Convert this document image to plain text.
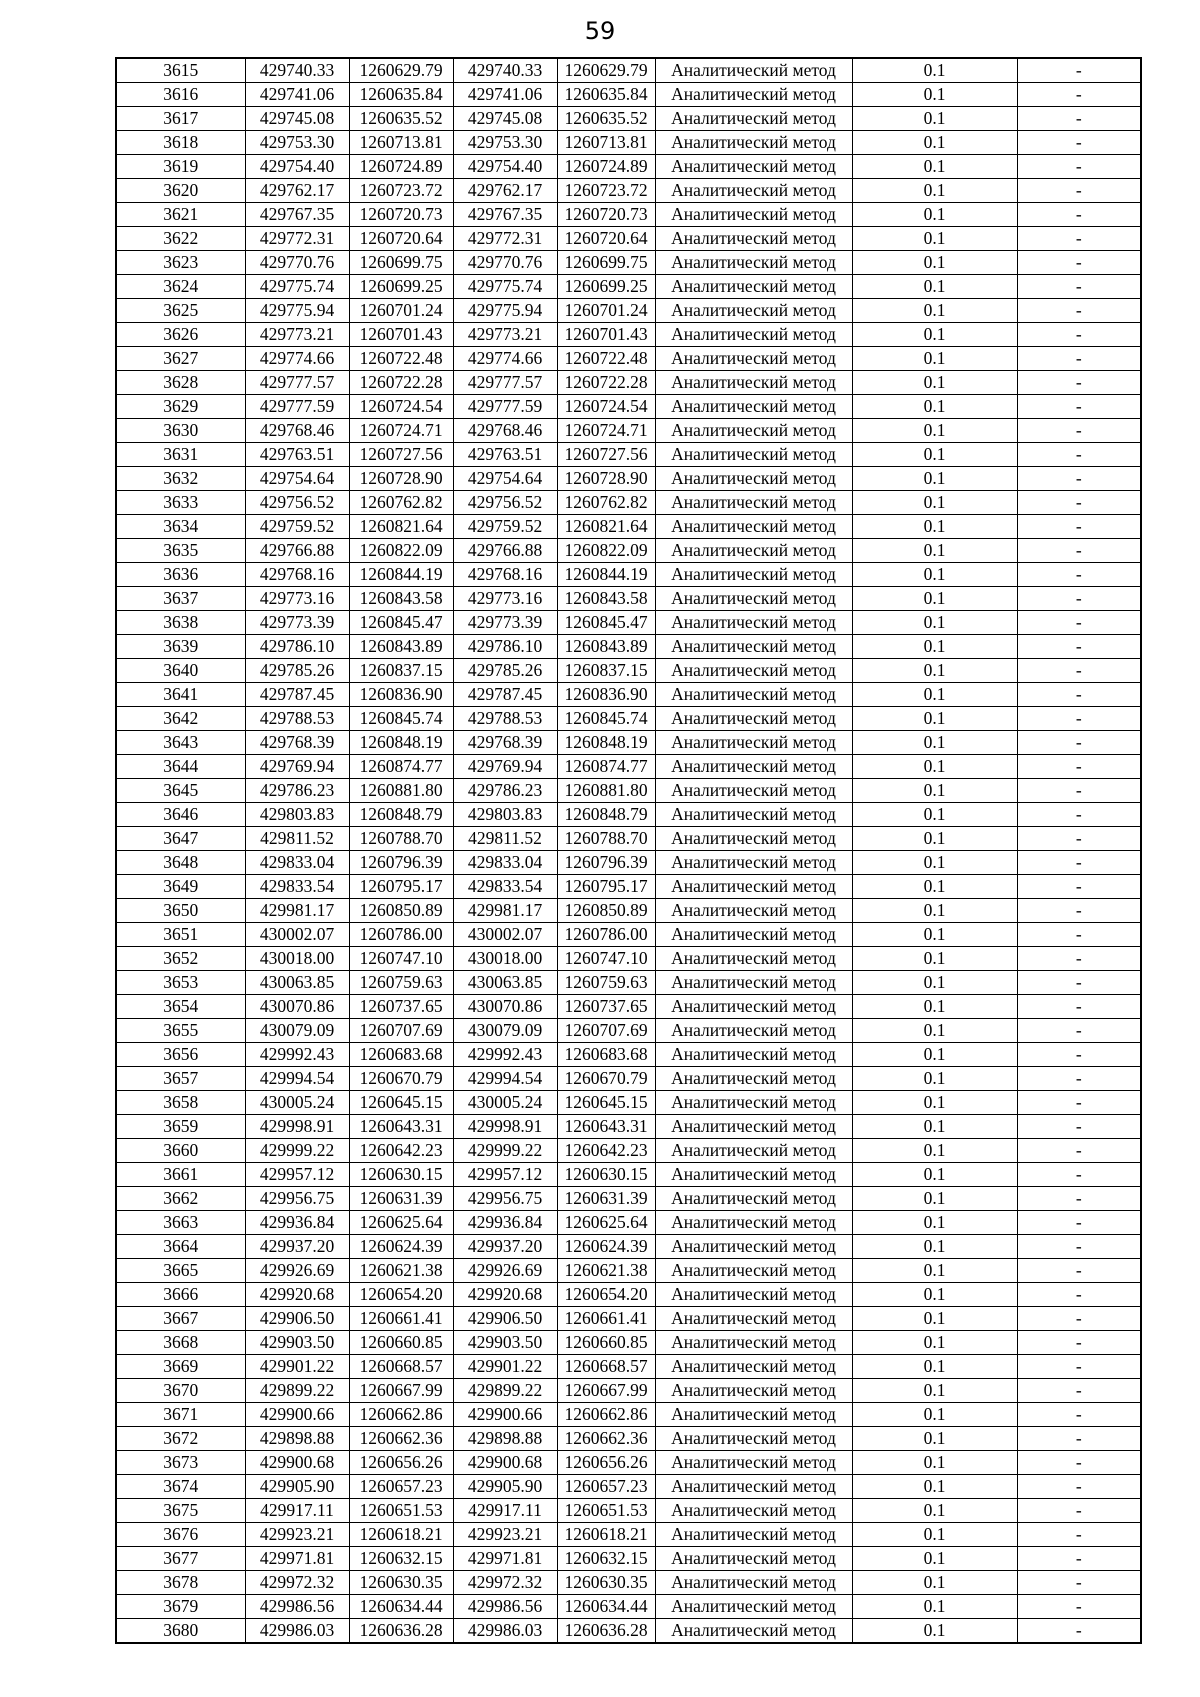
59
3615	429740.33	1260629.79	429740.33	1260629.79	Аналитический метод	0.1	-
3616	429741.06	1260635.84	429741.06	1260635.84	Аналитический метод	0.1	-
3617	429745.08	1260635.52	429745.08	1260635.52	Аналитический метод	0.1	-
3618	429753.30	1260713.81	429753.30	1260713.81	Аналитический метод	0.1	-
3619	429754.40	1260724.89	429754.40	1260724.89	Аналитический метод	0.1	-
3620	429762.17	1260723.72	429762.17	1260723.72	Аналитический метод	0.1	-
3621	429767.35	1260720.73	429767.35	1260720.73	Аналитический метод	0.1	-
3622	429772.31	1260720.64	429772.31	1260720.64	Аналитический метод	0.1	-
3623	429770.76	1260699.75	429770.76	1260699.75	Аналитический метод	0.1	-
3624	429775.74	1260699.25	429775.74	1260699.25	Аналитический метод	0.1	-
3625	429775.94	1260701.24	429775.94	1260701.24	Аналитический метод	0.1	-
3626	429773.21	1260701.43	429773.21	1260701.43	Аналитический метод	0.1	-
3627	429774.66	1260722.48	429774.66	1260722.48	Аналитический метод	0.1	-
3628	429777.57	1260722.28	429777.57	1260722.28	Аналитический метод	0.1	-
3629	429777.59	1260724.54	429777.59	1260724.54	Аналитический метод	0.1	-
3630	429768.46	1260724.71	429768.46	1260724.71	Аналитический метод	0.1	-
3631	429763.51	1260727.56	429763.51	1260727.56	Аналитический метод	0.1	-
3632	429754.64	1260728.90	429754.64	1260728.90	Аналитический метод	0.1	-
3633	429756.52	1260762.82	429756.52	1260762.82	Аналитический метод	0.1	-
3634	429759.52	1260821.64	429759.52	1260821.64	Аналитический метод	0.1	-
3635	429766.88	1260822.09	429766.88	1260822.09	Аналитический метод	0.1	-
3636	429768.16	1260844.19	429768.16	1260844.19	Аналитический метод	0.1	-
3637	429773.16	1260843.58	429773.16	1260843.58	Аналитический метод	0.1	-
3638	429773.39	1260845.47	429773.39	1260845.47	Аналитический метод	0.1	-
3639	429786.10	1260843.89	429786.10	1260843.89	Аналитический метод	0.1	-
3640	429785.26	1260837.15	429785.26	1260837.15	Аналитический метод	0.1	-
3641	429787.45	1260836.90	429787.45	1260836.90	Аналитический метод	0.1	-
3642	429788.53	1260845.74	429788.53	1260845.74	Аналитический метод	0.1	-
3643	429768.39	1260848.19	429768.39	1260848.19	Аналитический метод	0.1	-
3644	429769.94	1260874.77	429769.94	1260874.77	Аналитический метод	0.1	-
3645	429786.23	1260881.80	429786.23	1260881.80	Аналитический метод	0.1	-
3646	429803.83	1260848.79	429803.83	1260848.79	Аналитический метод	0.1	-
3647	429811.52	1260788.70	429811.52	1260788.70	Аналитический метод	0.1	-
3648	429833.04	1260796.39	429833.04	1260796.39	Аналитический метод	0.1	-
3649	429833.54	1260795.17	429833.54	1260795.17	Аналитический метод	0.1	-
3650	429981.17	1260850.89	429981.17	1260850.89	Аналитический метод	0.1	-
3651	430002.07	1260786.00	430002.07	1260786.00	Аналитический метод	0.1	-
3652	430018.00	1260747.10	430018.00	1260747.10	Аналитический метод	0.1	-
3653	430063.85	1260759.63	430063.85	1260759.63	Аналитический метод	0.1	-
3654	430070.86	1260737.65	430070.86	1260737.65	Аналитический метод	0.1	-
3655	430079.09	1260707.69	430079.09	1260707.69	Аналитический метод	0.1	-
3656	429992.43	1260683.68	429992.43	1260683.68	Аналитический метод	0.1	-
3657	429994.54	1260670.79	429994.54	1260670.79	Аналитический метод	0.1	-
3658	430005.24	1260645.15	430005.24	1260645.15	Аналитический метод	0.1	-
3659	429998.91	1260643.31	429998.91	1260643.31	Аналитический метод	0.1	-
3660	429999.22	1260642.23	429999.22	1260642.23	Аналитический метод	0.1	-
3661	429957.12	1260630.15	429957.12	1260630.15	Аналитический метод	0.1	-
3662	429956.75	1260631.39	429956.75	1260631.39	Аналитический метод	0.1	-
3663	429936.84	1260625.64	429936.84	1260625.64	Аналитический метод	0.1	-
3664	429937.20	1260624.39	429937.20	1260624.39	Аналитический метод	0.1	-
3665	429926.69	1260621.38	429926.69	1260621.38	Аналитический метод	0.1	-
3666	429920.68	1260654.20	429920.68	1260654.20	Аналитический метод	0.1	-
3667	429906.50	1260661.41	429906.50	1260661.41	Аналитический метод	0.1	-
3668	429903.50	1260660.85	429903.50	1260660.85	Аналитический метод	0.1	-
3669	429901.22	1260668.57	429901.22	1260668.57	Аналитический метод	0.1	-
3670	429899.22	1260667.99	429899.22	1260667.99	Аналитический метод	0.1	-
3671	429900.66	1260662.86	429900.66	1260662.86	Аналитический метод	0.1	-
3672	429898.88	1260662.36	429898.88	1260662.36	Аналитический метод	0.1	-
3673	429900.68	1260656.26	429900.68	1260656.26	Аналитический метод	0.1	-
3674	429905.90	1260657.23	429905.90	1260657.23	Аналитический метод	0.1	-
3675	429917.11	1260651.53	429917.11	1260651.53	Аналитический метод	0.1	-
3676	429923.21	1260618.21	429923.21	1260618.21	Аналитический метод	0.1	-
3677	429971.81	1260632.15	429971.81	1260632.15	Аналитический метод	0.1	-
3678	429972.32	1260630.35	429972.32	1260630.35	Аналитический метод	0.1	-
3679	429986.56	1260634.44	429986.56	1260634.44	Аналитический метод	0.1	-
3680	429986.03	1260636.28	429986.03	1260636.28	Аналитический метод	0.1	-
